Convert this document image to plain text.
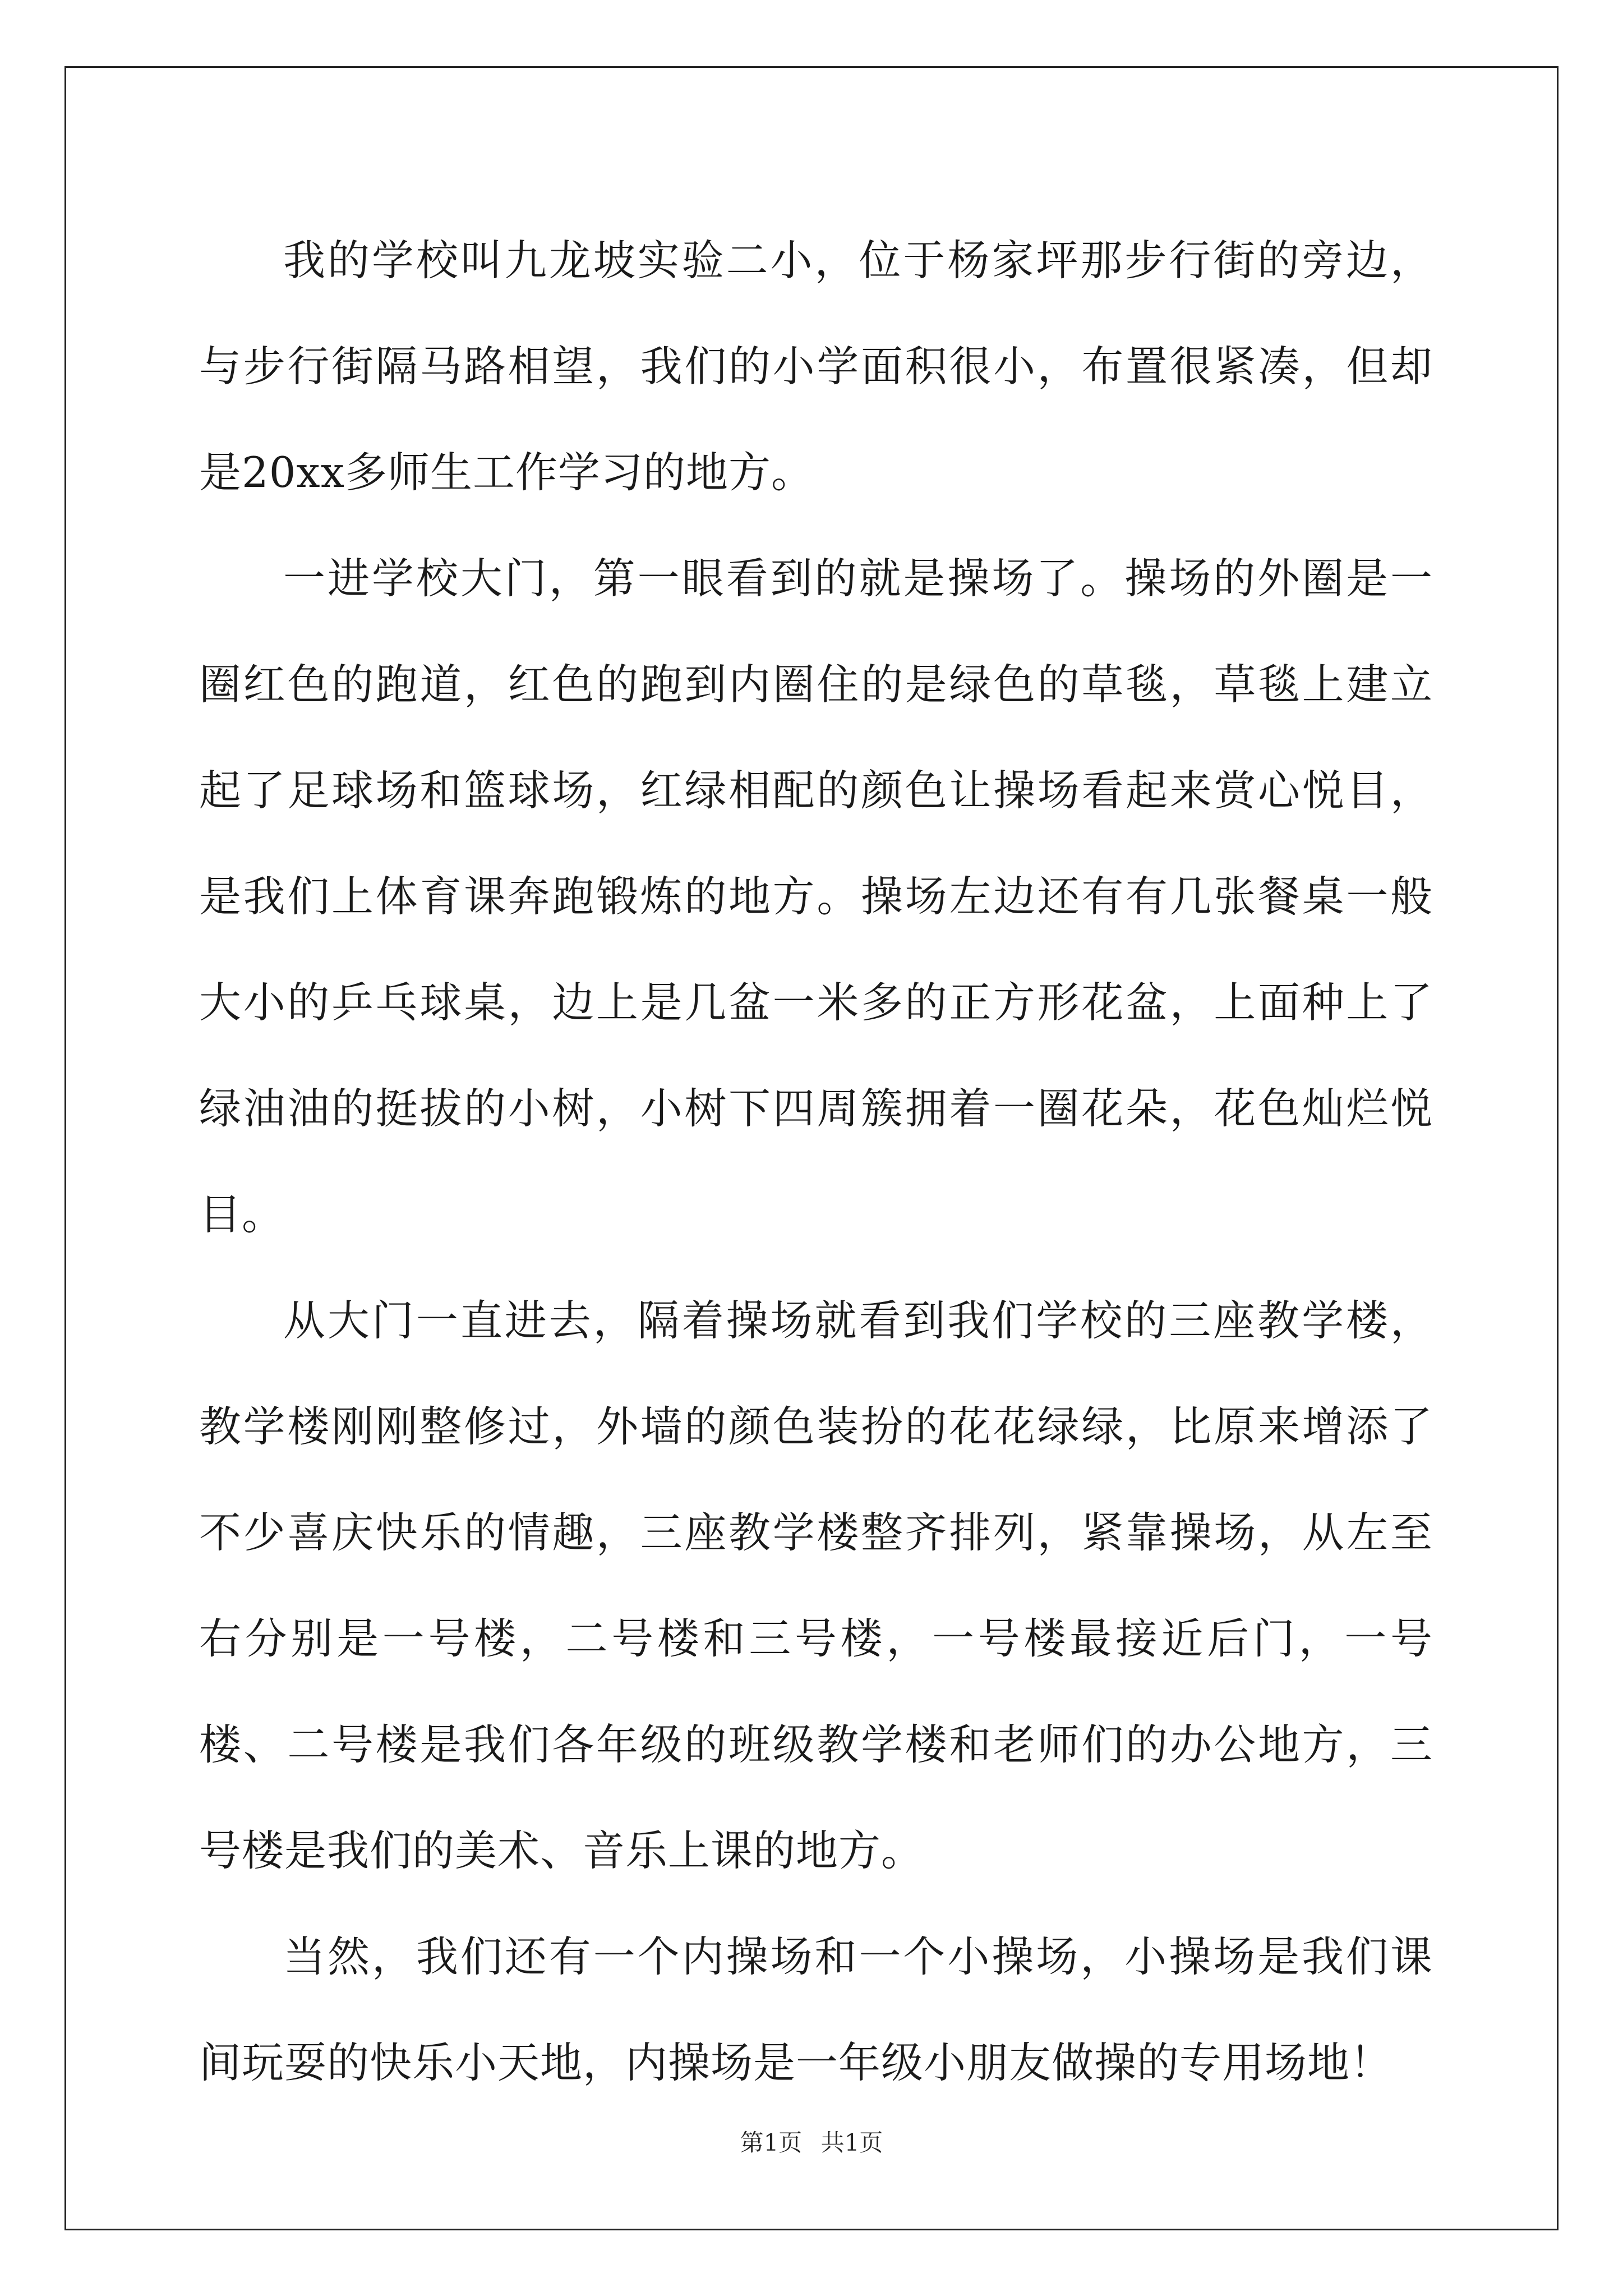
我的学校叫九龙坡实验二小，位于杨家坪那步行街的旁边，与步行街隔马路相望，我们的小学面积很小，布置很紧凑，但却是20xx多师生工作学习的地方。

一进学校大门，第一眼看到的就是操场了。操场的外圈是一圈红色的跑道，红色的跑到内圈住的是绿色的草毯，草毯上建立起了足球场和篮球场，红绿相配的颜色让操场看起来赏心悦目，是我们上体育课奔跑锻炼的地方。操场左边还有有几张餐桌一般大小的乒乓球桌，边上是几盆一米多的正方形花盆，上面种上了绿油油的挺拔的小树，小树下四周簇拥着一圈花朵，花色灿烂悦目。

从大门一直进去，隔着操场就看到我们学校的三座教学楼，教学楼刚刚整修过，外墙的颜色装扮的花花绿绿，比原来增添了不少喜庆快乐的情趣，三座教学楼整齐排列，紧靠操场，从左至右分别是一号楼，二号楼和三号楼，一号楼最接近后门，一号楼、二号楼是我们各年级的班级教学楼和老师们的办公地方，三号楼是我们的美术、音乐上课的地方。

当然，我们还有一个内操场和一个小操场，小操场是我们课间玩耍的快乐小天地，内操场是一年级小朋友做操的专用场地！

第1页 共1页
